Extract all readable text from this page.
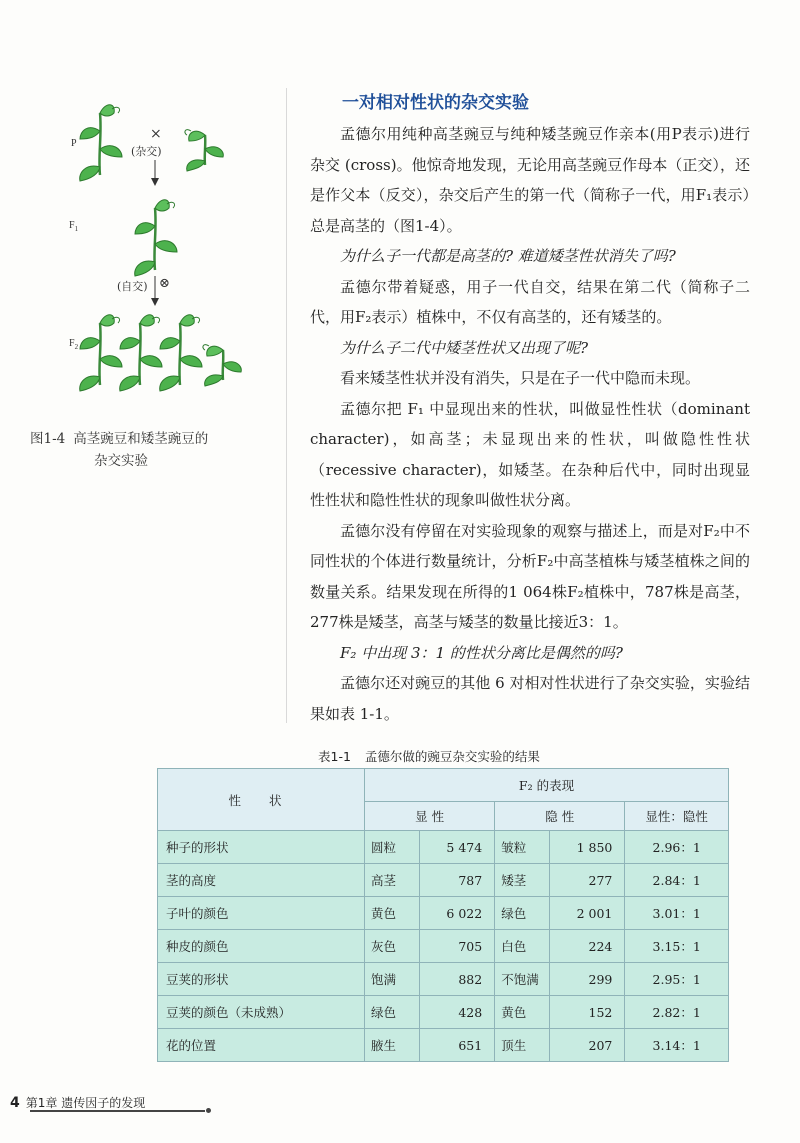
P
$F_1$
$F_2$
×
(杂交)
(自交) ⊗
图1-4 高茎豌豆和矮茎豌豆的
杂交实验
一对相对性状的杂交实验

孟德尔用纯种高茎豌豆与纯种矮茎豌豆作亲本(用P表示)进行杂交 (cross)。他惊奇地发现，无论用高茎豌豆作母本（正交），还是作父本（反交），杂交后产生的第一代（简称子一代，用F₁表示）总是高茎的（图1-4）。

为什么子一代都是高茎的? 难道矮茎性状消失了吗?

孟德尔带着疑惑，用子一代自交，结果在第二代（简称子二代，用F₂表示）植株中，不仅有高茎的，还有矮茎的。

为什么子二代中矮茎性状又出现了呢?

看来矮茎性状并没有消失，只是在子一代中隐而未现。

孟德尔把 F₁ 中显现出来的性状，叫做显性性状（dominant character)，如高茎；未显现出来的性状，叫做隐性性状（recessive character)，如矮茎。在杂种后代中，同时出现显性性状和隐性性状的现象叫做性状分离。

孟德尔没有停留在对实验现象的观察与描述上，而是对F₂中不同性状的个体进行数量统计，分析F₂中高茎植株与矮茎植株之间的数量关系。结果发现在所得的1 064株F₂植株中，787株是高茎，277株是矮茎，高茎与矮茎的数量比接近3：1。

F₂ 中出现 3：1 的性状分离比是偶然的吗?

孟德尔还对豌豆的其他 6 对相对性状进行了杂交实验，实验结果如表 1-1。

表1-1 孟德尔做的豌豆杂交实验的结果
性 状	F₂ 的表现				
	显 性		隐 性		显性：隐性
种子的形状	圆粒	5 474	皱粒	1 850	2.96：1
茎的高度	高茎	787	矮茎	277	2.84：1
子叶的颜色	黄色	6 022	绿色	2 001	3.01：1
种皮的颜色	灰色	705	白色	224	3.15：1
豆荚的形状	饱满	882	不饱满	299	2.95：1
豆荚的颜色（未成熟）	绿色	428	黄色	152	2.82：1
花的位置	腋生	651	顶生	207	3.14：1
4 第1章 遗传因子的发现
